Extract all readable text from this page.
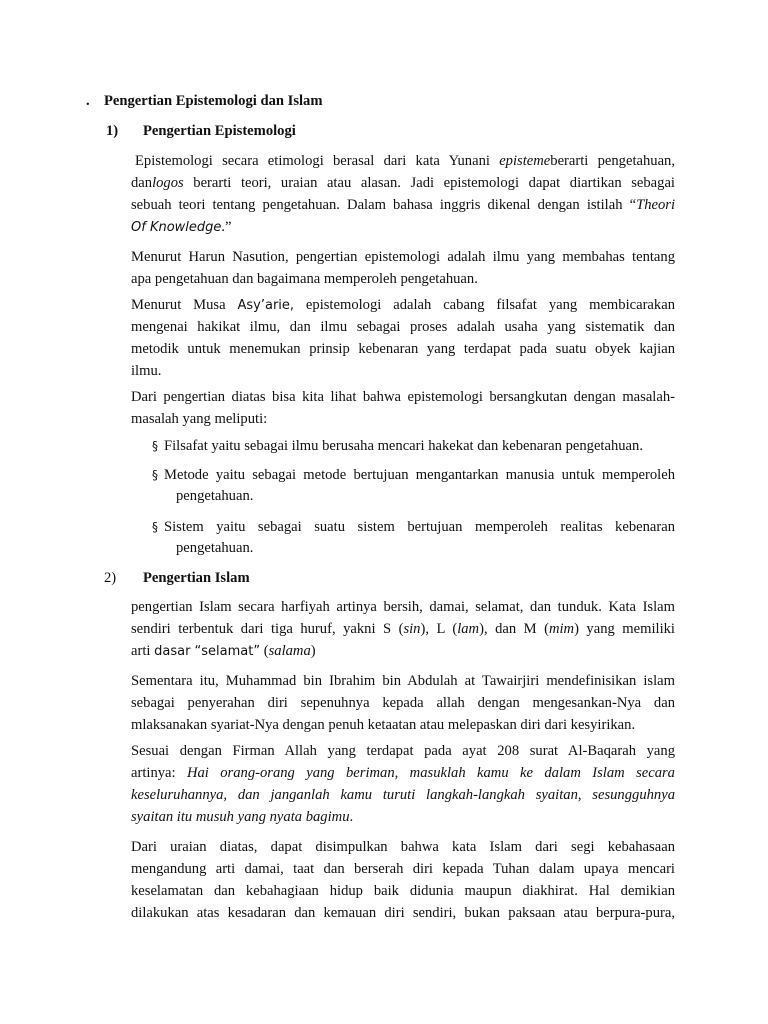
. Pengertian Epistemologi dan Islam
1) Pengertian Epistemologi
Epistemologi secara etimologi berasal dari kata Yunani epistemeberarti pengetahuan,
danlogos berarti teori, uraian atau alasan. Jadi epistemologi dapat diartikan sebagai
sebuah teori tentang pengetahuan. Dalam bahasa inggris dikenal dengan istilah “Theori
Of Knowledge.”
Menurut Harun Nasution, pengertian epistemologi adalah ilmu yang membahas tentang
apa pengetahuan dan bagaimana memperoleh pengetahuan.
Menurut Musa Asy’arie, epistemologi adalah cabang filsafat yang membicarakan
mengenai hakikat ilmu, dan ilmu sebagai proses adalah usaha yang sistematik dan
metodik untuk menemukan prinsip kebenaran yang terdapat pada suatu obyek kajian
ilmu.
Dari pengertian diatas bisa kita lihat bahwa epistemologi bersangkutan dengan masalah-
masalah yang meliputi:
§ Filsafat yaitu sebagai ilmu berusaha mencari hakekat dan kebenaran pengetahuan.
§ Metode yaitu sebagai metode bertujuan mengantarkan manusia untuk memperoleh
pengetahuan.
§ Sistem yaitu sebagai suatu sistem bertujuan memperoleh realitas kebenaran
pengetahuan.
2) Pengertian Islam
pengertian Islam secara harfiyah artinya bersih, damai, selamat, dan tunduk. Kata Islam
sendiri terbentuk dari tiga huruf, yakni S (sin), L (lam), dan M (mim) yang memiliki
arti dasar “selamat” (salama)
Sementara itu, Muhammad bin Ibrahim bin Abdulah at Tawairjiri mendefinisikan islam
sebagai penyerahan diri sepenuhnya kepada allah dengan mengesankan-Nya dan
mlaksanakan syariat-Nya dengan penuh ketaatan atau melepaskan diri dari kesyirikan.
Sesuai dengan Firman Allah yang terdapat pada ayat 208 surat Al-Baqarah yang
artinya: Hai orang-orang yang beriman, masuklah kamu ke dalam Islam secara
keseluruhannya, dan janganlah kamu turuti langkah-langkah syaitan, sesungguhnya
syaitan itu musuh yang nyata bagimu.
Dari uraian diatas, dapat disimpulkan bahwa kata Islam dari segi kebahasaan
mengandung arti damai, taat dan berserah diri kepada Tuhan dalam upaya mencari
keselamatan dan kebahagiaan hidup baik didunia maupun diakhirat. Hal demikian
dilakukan atas kesadaran dan kemauan diri sendiri, bukan paksaan atau berpura-pura,
